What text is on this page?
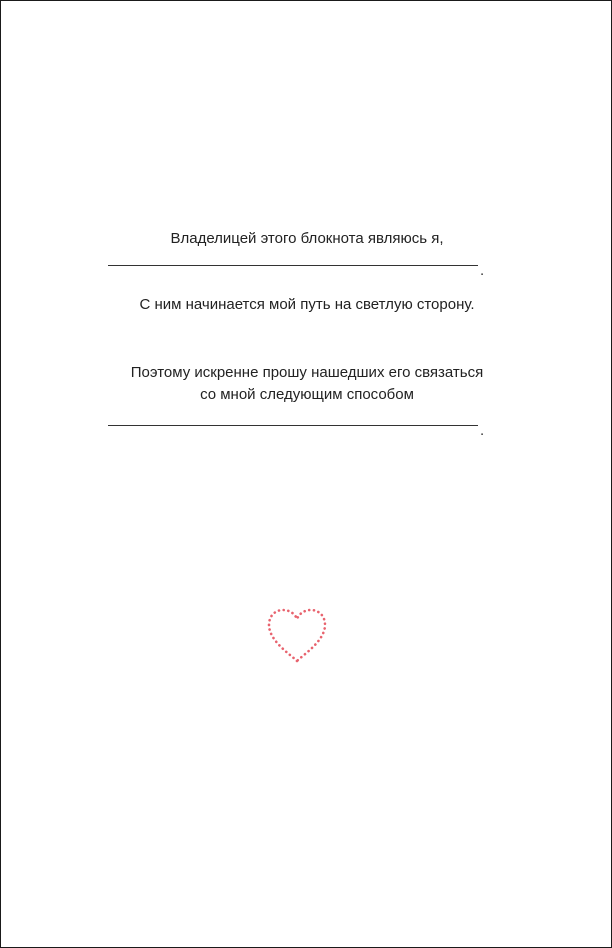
Владелицей этого блокнота являюсь я,
.
С ним начинается мой путь на светлую сторону.
Поэтому искренне прошу нашедших его связаться
со мной следующим способом
.
